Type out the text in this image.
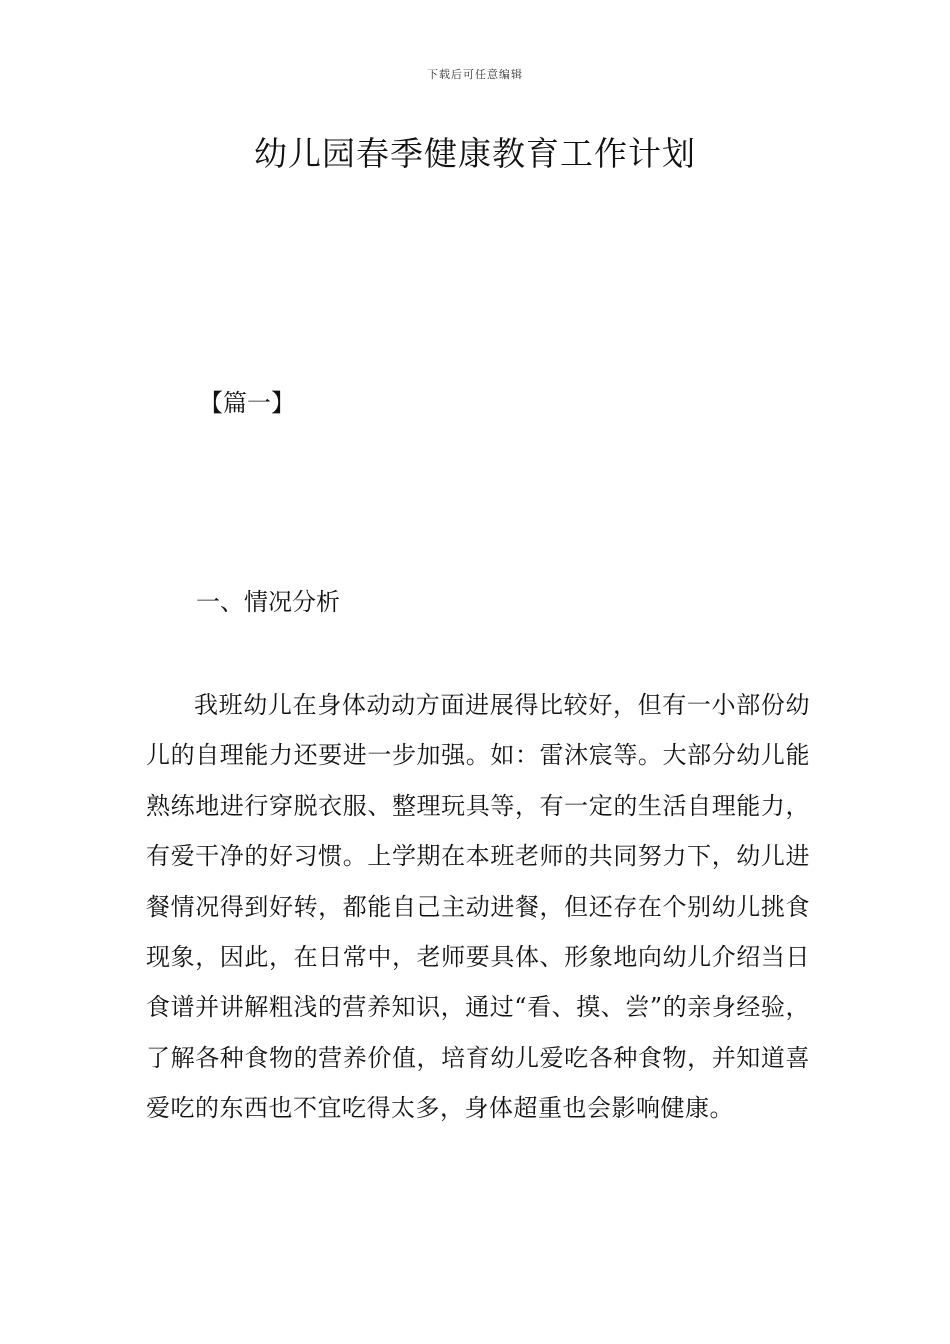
下载后可任意编辑
幼儿园春季健康教育工作计划
【篇一】
一、情况分析

我班幼儿在身体动动方面进展得比较好，但有一小部份幼儿的自理能力还要进一步加强。如：雷沐宸等。大部分幼儿能熟练地进行穿脱衣服、整理玩具等，有一定的生活自理能力，有爱干净的好习惯。上学期在本班老师的共同努力下，幼儿进餐情况得到好转，都能自己主动进餐，但还存在个别幼儿挑食现象，因此，在日常中，老师要具体、形象地向幼儿介绍当日食谱并讲解粗浅的营养知识，通过“看、摸、尝”的亲身经验，了解各种食物的营养价值，培育幼儿爱吃各种食物，并知道喜爱吃的东西也不宜吃得太多，身体超重也会影响健康。
